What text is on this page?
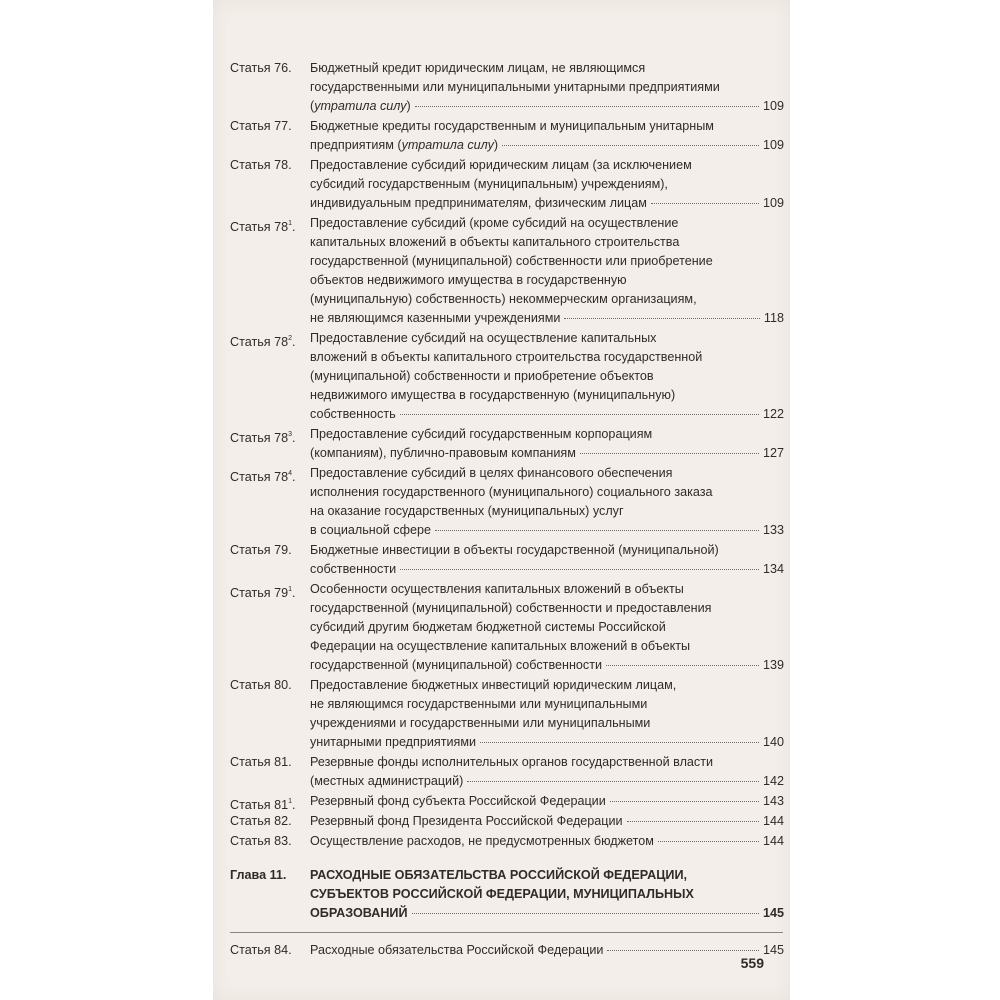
Статья 76. Бюджетный кредит юридическим лицам, не являющимся
государственными или муниципальными унитарными предприятиями
(утратила силу)	109
Статья 77. Бюджетные кредиты государственным и муниципальным унитарным
предприятиям (утратила силу)	109
Статья 78. Предоставление субсидий юридическим лицам (за исключением
субсидий государственным (муниципальным) учреждениям),
индивидуальным предпринимателям, физическим лицам	109
Статья $78^1$. Предоставление субсидий (кроме субсидий на осуществление
капитальных вложений в объекты капитального строительства
государственной (муниципальной) собственности или приобретение
объектов недвижимого имущества в государственную
(муниципальную) собственность) некоммерческим организациям,
не являющимся казенными учреждениями	118
Статья $78^2$. Предоставление субсидий на осуществление капитальных
вложений в объекты капитального строительства государственной
(муниципальной) собственности и приобретение объектов
недвижимого имущества в государственную (муниципальную)
собственность	122
Статья $78^3$. Предоставление субсидий государственным корпорациям
(компаниям), публично-правовым компаниям	127
Статья $78^4$. Предоставление субсидий в целях финансового обеспечения
исполнения государственного (муниципального) социального заказа
на оказание государственных (муниципальных) услуг
в социальной сфере	133
Статья 79. Бюджетные инвестиции в объекты государственной (муниципальной)
собственности	134
Статья $79^1$. Особенности осуществления капитальных вложений в объекты
государственной (муниципальной) собственности и предоставления
субсидий другим бюджетам бюджетной системы Российской
Федерации на осуществление капитальных вложений в объекты
государственной (муниципальной) собственности	139
Статья 80. Предоставление бюджетных инвестиций юридическим лицам,
не являющимся государственными или муниципальными
учреждениями и государственными или муниципальными
унитарными предприятиями	140
Статья 81. Резервные фонды исполнительных органов государственной власти
(местных администраций)	142
Статья $81^1$. Резервный фонд субъекта Российской Федерации	143
Статья 82. Резервный фонд Президента Российской Федерации	144
Статья 83. Осуществление расходов, не предусмотренных бюджетом	144
Глава 11. РАСХОДНЫЕ ОБЯЗАТЕЛЬСТВА РОССИЙСКОЙ ФЕДЕРАЦИИ,
СУБЪЕКТОВ РОССИЙСКОЙ ФЕДЕРАЦИИ, МУНИЦИПАЛЬНЫХ
ОБРАЗОВАНИЙ	145
Статья 84. Расходные обязательства Российской Федерации	145
559
